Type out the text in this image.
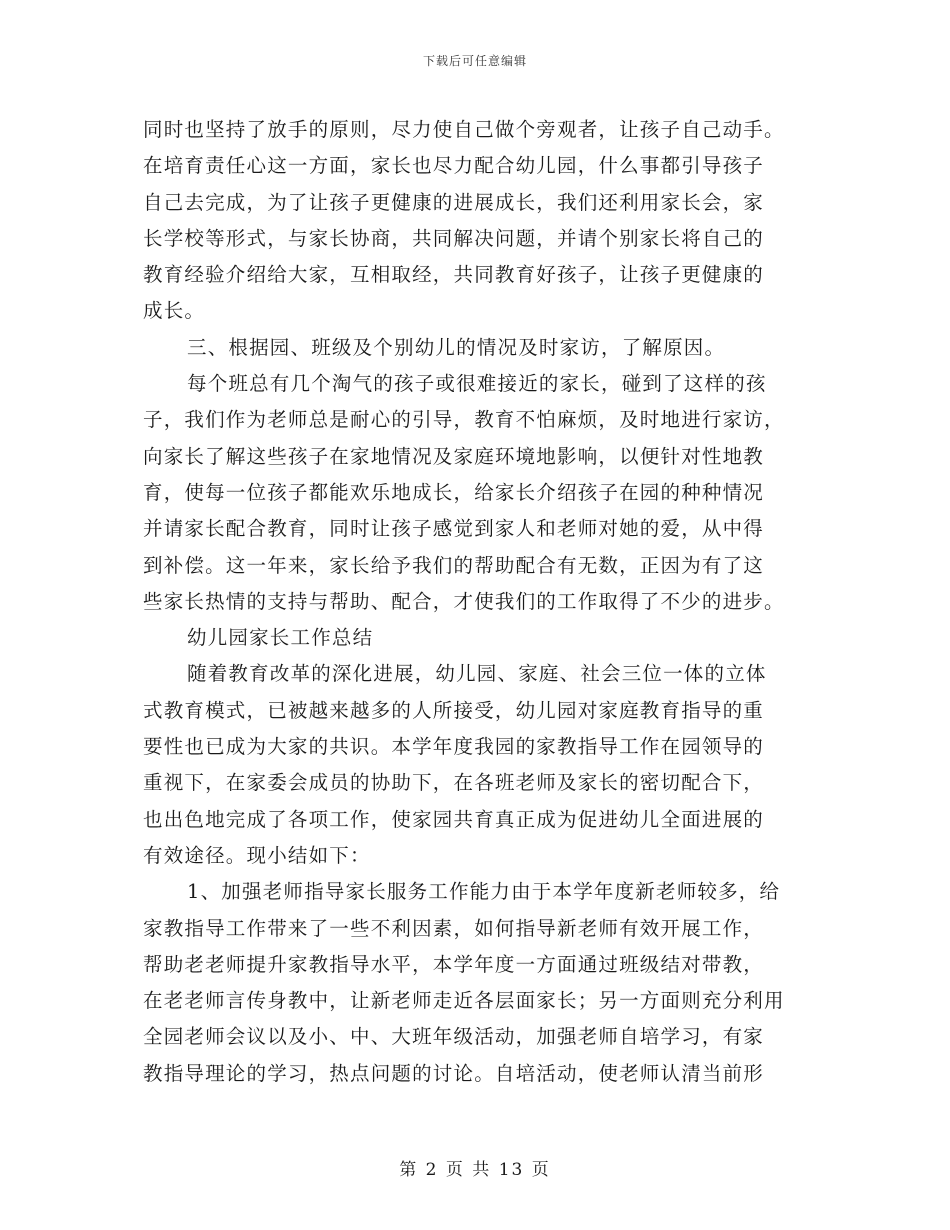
下载后可任意编辑
同时也坚持了放手的原则，尽力使自己做个旁观者，让孩子自己动手。
在培育责任心这一方面，家长也尽力配合幼儿园，什么事都引导孩子
自己去完成，为了让孩子更健康的进展成长，我们还利用家长会，家
长学校等形式，与家长协商，共同解决问题，并请个别家长将自己的
教育经验介绍给大家，互相取经，共同教育好孩子，让孩子更健康的
成长。
三、根据园、班级及个别幼儿的情况及时家访，了解原因。
每个班总有几个淘气的孩子或很难接近的家长，碰到了这样的孩
子，我们作为老师总是耐心的引导，教育不怕麻烦，及时地进行家访，
向家长了解这些孩子在家地情况及家庭环境地影响，以便针对性地教
育，使每一位孩子都能欢乐地成长，给家长介绍孩子在园的种种情况
并请家长配合教育，同时让孩子感觉到家人和老师对她的爱，从中得
到补偿。这一年来，家长给予我们的帮助配合有无数，正因为有了这
些家长热情的支持与帮助、配合，才使我们的工作取得了不少的进步。
幼儿园家长工作总结
随着教育改革的深化进展，幼儿园、家庭、社会三位一体的立体
式教育模式，已被越来越多的人所接受，幼儿园对家庭教育指导的重
要性也已成为大家的共识。本学年度我园的家教指导工作在园领导的
重视下，在家委会成员的协助下，在各班老师及家长的密切配合下，
也出色地完成了各项工作，使家园共育真正成为促进幼儿全面进展的
有效途径。现小结如下：
1、加强老师指导家长服务工作能力由于本学年度新老师较多，给
家教指导工作带来了一些不利因素，如何指导新老师有效开展工作，
帮助老老师提升家教指导水平，本学年度一方面通过班级结对带教，
在老老师言传身教中，让新老师走近各层面家长；另一方面则充分利用
全园老师会议以及小、中、大班年级活动，加强老师自培学习，有家
教指导理论的学习，热点问题的讨论。自培活动，使老师认清当前形
第 2 页 共 13 页
